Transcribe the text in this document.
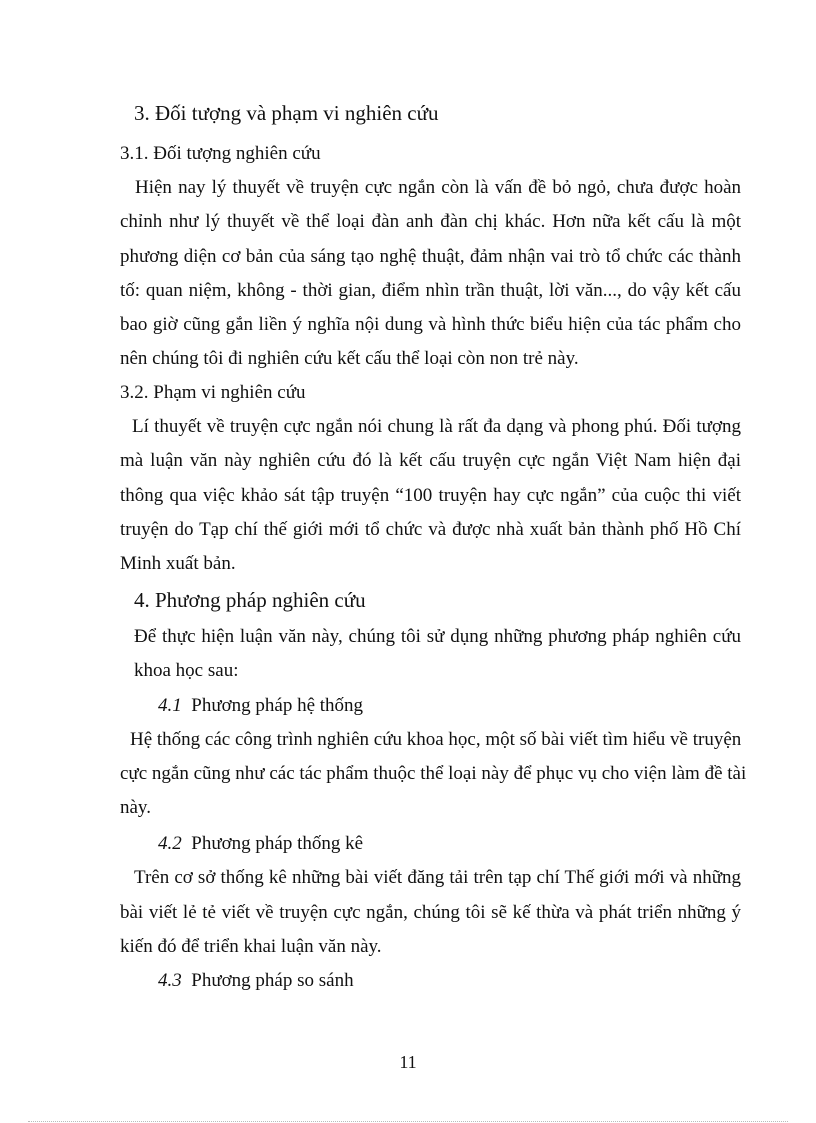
3. Đối tượng và phạm vi nghiên cứu
3.1. Đối tượng nghiên cứu
Hiện nay lý thuyết về truyện cực ngắn còn là vấn đề bỏ ngỏ, chưa được hoàn
chỉnh như lý thuyết về thể loại đàn anh đàn chị khác. Hơn nữa kết cấu là một
phương diện cơ bản của sáng tạo nghệ thuật, đảm nhận vai trò tổ chức các thành
tố: quan niệm, không - thời gian, điểm nhìn trần thuật, lời văn..., do vậy kết cấu
bao giờ cũng gắn liền ý nghĩa nội dung và hình thức biểu hiện của tác phẩm cho
nên chúng tôi đi nghiên cứu kết cấu thể loại còn non trẻ này.
3.2. Phạm vi nghiên cứu
Lí thuyết về truyện cực ngắn nói chung là rất đa dạng và phong phú. Đối tượng
mà luận văn này nghiên cứu đó là kết cấu truyện cực ngắn Việt Nam hiện đại
thông qua việc khảo sát tập truyện “100 truyện hay cực ngắn” của cuộc thi viết
truyện do Tạp chí thế giới mới tổ chức và được nhà xuất bản thành phố Hồ Chí
Minh xuất bản.
4. Phương pháp nghiên cứu
Để thực hiện luận văn này, chúng tôi sử dụng những phương pháp nghiên cứu
khoa học sau:
4.1 Phương pháp hệ thống
Hệ thống các công trình nghiên cứu khoa học, một số bài viết tìm hiểu về truyện
cực ngắn cũng như các tác phẩm thuộc thể loại này để phục vụ cho viện làm đề tài
này.
4.2 Phương pháp thống kê
Trên cơ sở thống kê những bài viết đăng tải trên tạp chí Thế giới mới và những
bài viết lẻ tẻ viết về truyện cực ngắn, chúng tôi sẽ kế thừa và phát triển những ý
kiến đó để triển khai luận văn này.
4.3 Phương pháp so sánh
11
